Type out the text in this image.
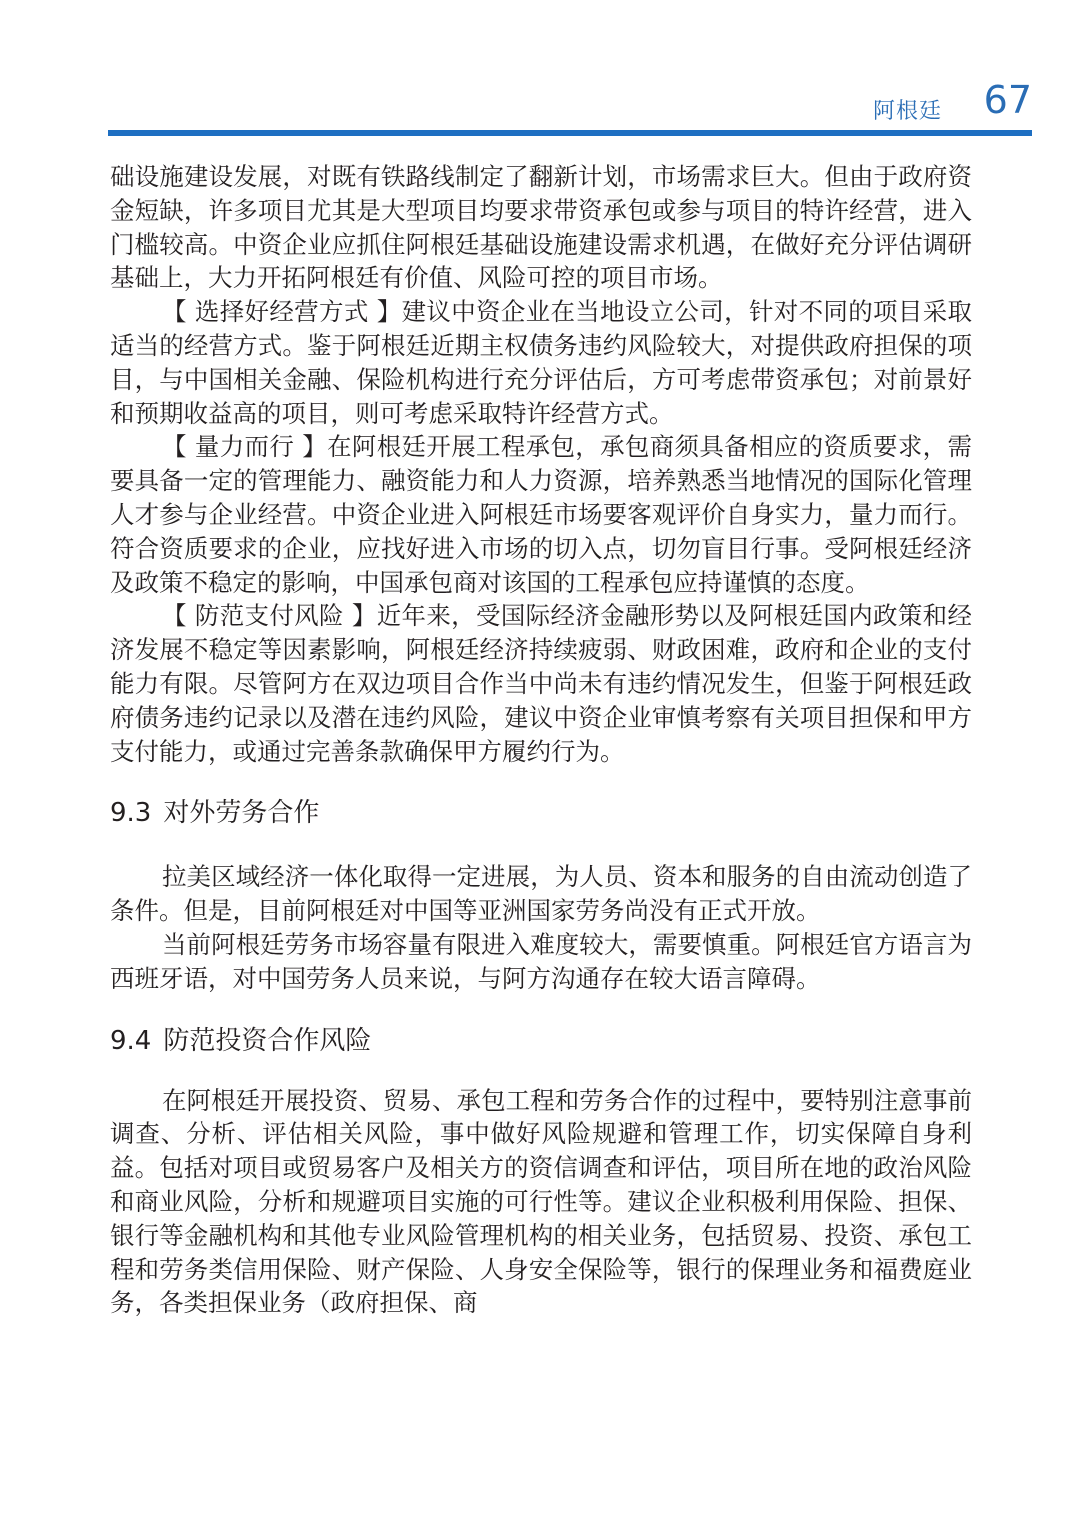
阿根廷 67

础设施建设发展，对既有铁路线制定了翻新计划，市场需求巨大。但由于政府资金短缺，许多项目尤其是大型项目均要求带资承包或参与项目的特许经营，进入门槛较高。中资企业应抓住阿根廷基础设施建设需求机遇，在做好充分评估调研基础上，大力开拓阿根廷有价值、风险可控的项目市场。

【 选择好经营方式 】建议中资企业在当地设立公司，针对不同的项目采取适当的经营方式。鉴于阿根廷近期主权债务违约风险较大，对提供政府担保的项目，与中国相关金融、保险机构进行充分评估后，方可考虑带资承包；对前景好和预期收益高的项目，则可考虑采取特许经营方式。

【 量力而行 】在阿根廷开展工程承包，承包商须具备相应的资质要求，需要具备一定的管理能力、融资能力和人力资源，培养熟悉当地情况的国际化管理人才参与企业经营。中资企业进入阿根廷市场要客观评价自身实力，量力而行。符合资质要求的企业，应找好进入市场的切入点，切勿盲目行事。受阿根廷经济及政策不稳定的影响，中国承包商对该国的工程承包应持谨慎的态度。

【 防范支付风险 】近年来，受国际经济金融形势以及阿根廷国内政策和经济发展不稳定等因素影响，阿根廷经济持续疲弱、财政困难，政府和企业的支付能力有限。尽管阿方在双边项目合作当中尚未有违约情况发生，但鉴于阿根廷政府债务违约记录以及潜在违约风险，建议中资企业审慎考察有关项目担保和甲方支付能力，或通过完善条款确保甲方履约行为。

9.3 对外劳务合作

拉美区域经济一体化取得一定进展，为人员、资本和服务的自由流动创造了条件。但是，目前阿根廷对中国等亚洲国家劳务尚没有正式开放。

当前阿根廷劳务市场容量有限进入难度较大，需要慎重。阿根廷官方语言为西班牙语，对中国劳务人员来说，与阿方沟通存在较大语言障碍。

9.4 防范投资合作风险

在阿根廷开展投资、贸易、承包工程和劳务合作的过程中，要特别注意事前调查、分析、评估相关风险，事中做好风险规避和管理工作，切实保障自身利益。包括对项目或贸易客户及相关方的资信调查和评估，项目所在地的政治风险和商业风险，分析和规避项目实施的可行性等。建议企业积极利用保险、担保、银行等金融机构和其他专业风险管理机构的相关业务，包括贸易、投资、承包工程和劳务类信用保险、财产保险、人身安全保险等，银行的保理业务和福费庭业务，各类担保业务（政府担保、商
